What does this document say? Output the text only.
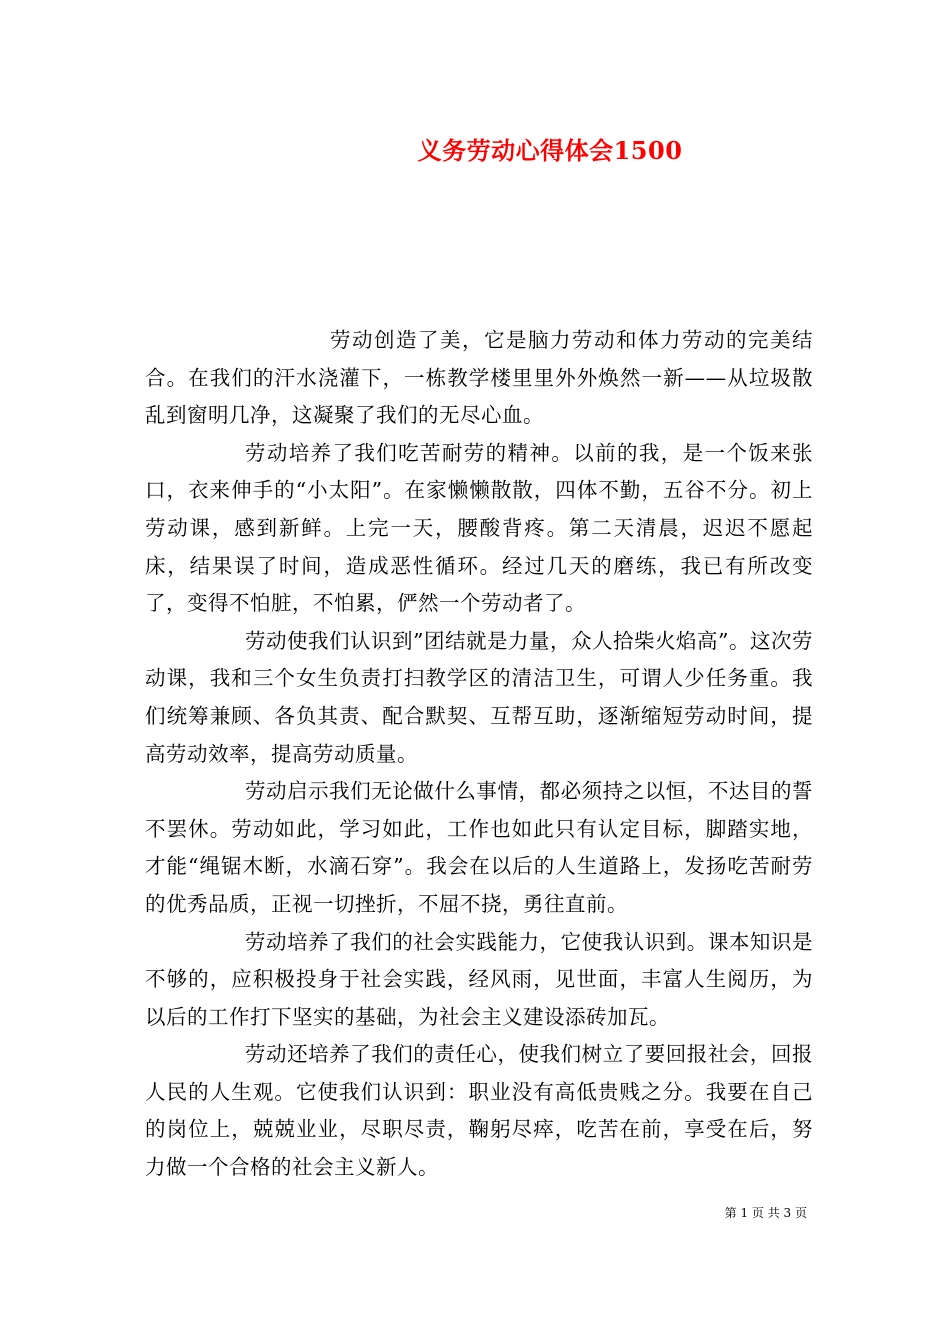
义务劳动心得体会1500

劳动创造了美，它是脑力劳动和体力劳动的完美结合。在我们的汗水浇灌下，一栋教学楼里里外外焕然一新——从垃圾散乱到窗明几净，这凝聚了我们的无尽心血。

劳动培养了我们吃苦耐劳的精神。以前的我，是一个饭来张口，衣来伸手的“小太阳”。在家懒懒散散，四体不勤，五谷不分。初上劳动课，感到新鲜。上完一天，腰酸背疼。第二天清晨，迟迟不愿起床，结果误了时间，造成恶性循环。经过几天的磨练，我已有所改变了，变得不怕脏，不怕累，俨然一个劳动者了。

劳动使我们认识到”团结就是力量，众人拾柴火焰高”。这次劳动课，我和三个女生负责打扫教学区的清洁卫生，可谓人少任务重。我们统筹兼顾、各负其责、配合默契、互帮互助，逐渐缩短劳动时间，提高劳动效率，提高劳动质量。

劳动启示我们无论做什么事情，都必须持之以恒，不达目的誓不罢休。劳动如此，学习如此，工作也如此只有认定目标，脚踏实地，才能“绳锯木断，水滴石穿”。我会在以后的人生道路上，发扬吃苦耐劳的优秀品质，正视一切挫折，不屈不挠，勇往直前。

劳动培养了我们的社会实践能力，它使我认识到。课本知识是不够的，应积极投身于社会实践，经风雨，见世面，丰富人生阅历，为以后的工作打下坚实的基础，为社会主义建设添砖加瓦。

劳动还培养了我们的责任心，使我们树立了要回报社会，回报人民的人生观。它使我们认识到：职业没有高低贵贱之分。我要在自己的岗位上，兢兢业业，尽职尽责，鞠躬尽瘁，吃苦在前，享受在后，努力做一个合格的社会主义新人。

第 1 页 共 3 页
